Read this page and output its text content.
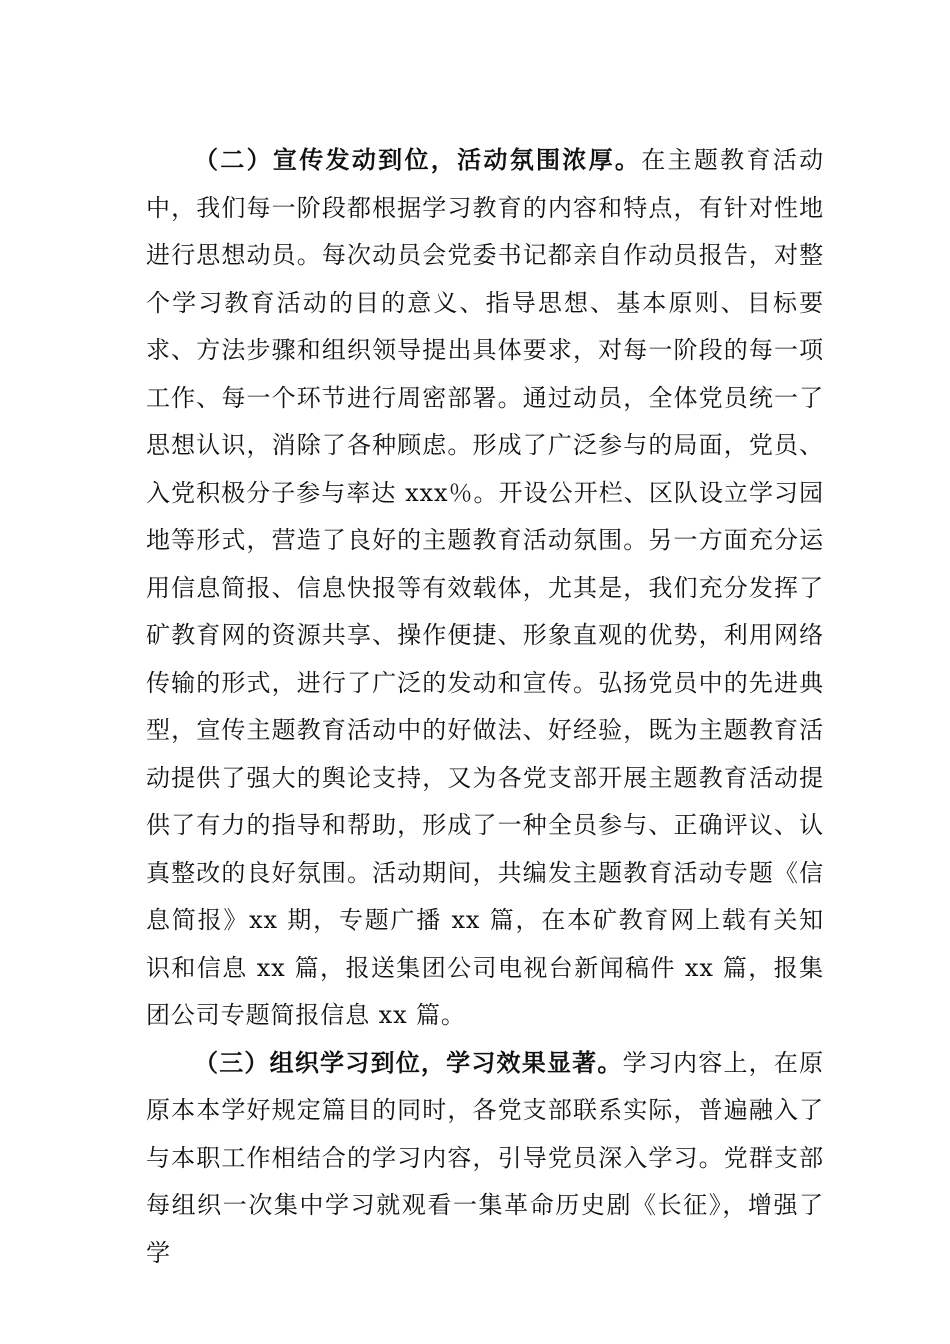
（二）宣传发动到位，活动氛围浓厚。在主题教育活动中，我们每一阶段都根据学习教育的内容和特点，有针对性地进行思想动员。每次动员会党委书记都亲自作动员报告，对整个学习教育活动的目的意义、指导思想、基本原则、目标要求、方法步骤和组织领导提出具体要求，对每一阶段的每一项工作、每一个环节进行周密部署。通过动员，全体党员统一了思想认识，消除了各种顾虑。形成了广泛参与的局面，党员、入党积极分子参与率达 xxx％。开设公开栏、区队设立学习园地等形式，营造了良好的主题教育活动氛围。另一方面充分运用信息简报、信息快报等有效载体，尤其是，我们充分发挥了矿教育网的资源共享、操作便捷、形象直观的优势，利用网络传输的形式，进行了广泛的发动和宣传。弘扬党员中的先进典型，宣传主题教育活动中的好做法、好经验，既为主题教育活动提供了强大的舆论支持，又为各党支部开展主题教育活动提供了有力的指导和帮助，形成了一种全员参与、正确评议、认真整改的良好氛围。活动期间，共编发主题教育活动专题《信息简报》xx 期，专题广播 xx 篇，在本矿教育网上载有关知识和信息 xx 篇，报送集团公司电视台新闻稿件 xx 篇，报集团公司专题简报信息 xx 篇。

（三）组织学习到位，学习效果显著。学习内容上，在原原本本学好规定篇目的同时，各党支部联系实际，普遍融入了与本职工作相结合的学习内容，引导党员深入学习。党群支部每组织一次集中学习就观看一集革命历史剧《长征》，增强了学
